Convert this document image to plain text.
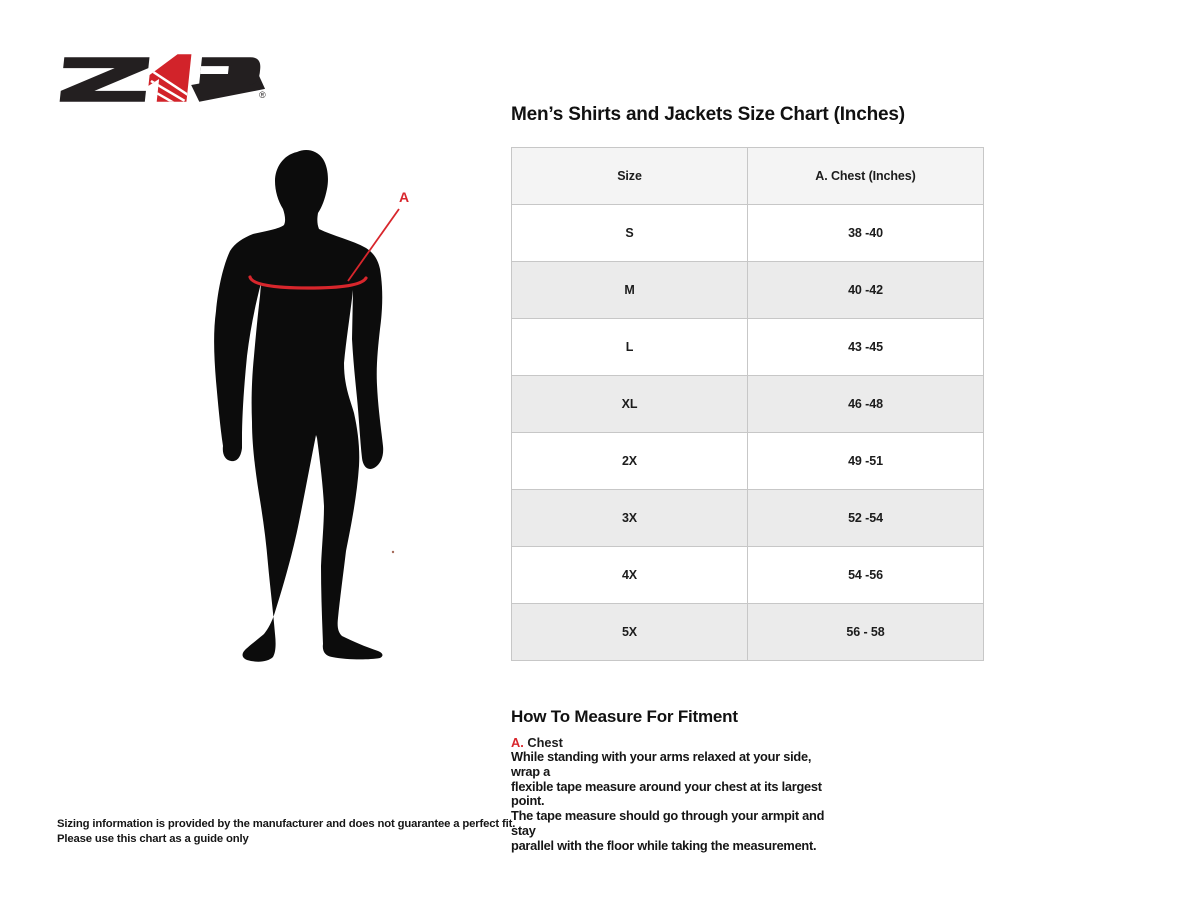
®
A
Men’s Shirts and Jackets Size Chart (Inches)
Size	A. Chest (Inches)
S	38 -40
M	40 -42
L	43 -45
XL	46 -48
2X	49 -51
3X	52 -54
4X	54 -56
5X	56 - 58
How To Measure For Fitment
A. Chest
While standing with your arms relaxed at your side, wrap a
flexible tape measure around your chest at its largest point.
The tape measure should go through your armpit and stay
parallel with the floor while taking the measurement.
Sizing information is provided by the manufacturer and does not guarantee a perfect fit.
Please use this chart as a guide only
